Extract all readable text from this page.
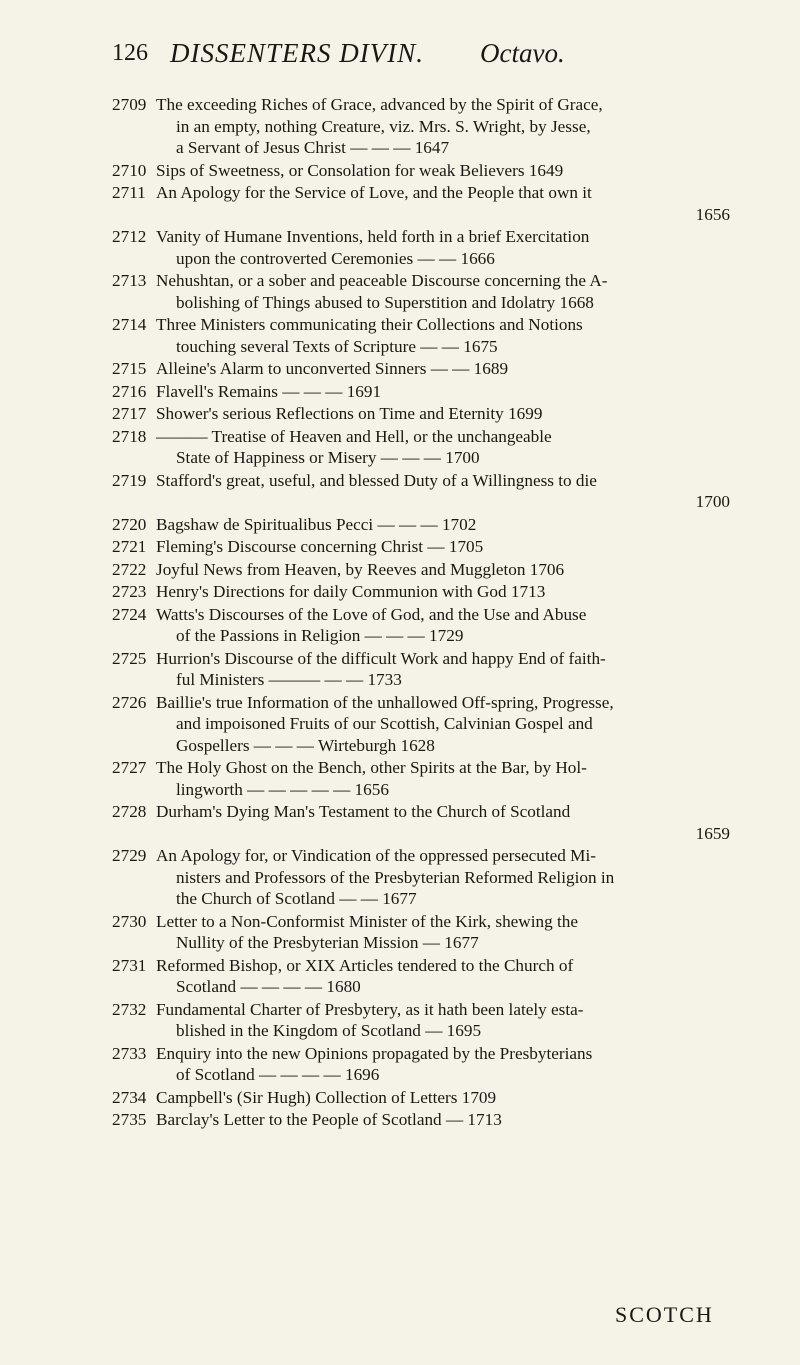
126 DISSENTERS DIVIN. Octavo.
2709 The exceeding Riches of Grace, advanced by the Spirit of Grace,
in an empty, nothing Creature, viz. Mrs. S. Wright, by Jesse,
a Servant of Jesus Christ — — — 1647
2710 Sips of Sweetness, or Consolation for weak Believers 1649
2711 An Apology for the Service of Love, and the People that own it
1656
2712 Vanity of Humane Inventions, held forth in a brief Exercitation
upon the controverted Ceremonies — — 1666
2713 Nehushtan, or a sober and peaceable Discourse concerning the A-
bolishing of Things abused to Superstition and Idolatry 1668
2714 Three Ministers communicating their Collections and Notions
touching several Texts of Scripture — — 1675
2715 Alleine's Alarm to unconverted Sinners — — 1689
2716 Flavell's Remains — — — 1691
2717 Shower's serious Reflections on Time and Eternity 1699
2718 ——— Treatise of Heaven and Hell, or the unchangeable
State of Happiness or Misery — — — 1700
2719 Stafford's great, useful, and blessed Duty of a Willingness to die
1700
2720 Bagshaw de Spiritualibus Pecci — — — 1702
2721 Fleming's Discourse concerning Christ — 1705
2722 Joyful News from Heaven, by Reeves and Muggleton 1706
2723 Henry's Directions for daily Communion with God 1713
2724 Watts's Discourses of the Love of God, and the Use and Abuse
of the Passions in Religion — — — 1729
2725 Hurrion's Discourse of the difficult Work and happy End of faith-
ful Ministers ——— — — 1733
2726 Baillie's true Information of the unhallowed Off-spring, Progresse,
and impoisoned Fruits of our Scottish, Calvinian Gospel and
Gospellers — — — Wirteburgh 1628
2727 The Holy Ghost on the Bench, other Spirits at the Bar, by Hol-
lingworth — — — — — 1656
2728 Durham's Dying Man's Testament to the Church of Scotland
1659
2729 An Apology for, or Vindication of the oppressed persecuted Mi-
nisters and Professors of the Presbyterian Reformed Religion in
the Church of Scotland — — 1677
2730 Letter to a Non-Conformist Minister of the Kirk, shewing the
Nullity of the Presbyterian Mission — 1677
2731 Reformed Bishop, or XIX Articles tendered to the Church of
Scotland — — — — 1680
2732 Fundamental Charter of Presbytery, as it hath been lately esta-
blished in the Kingdom of Scotland — 1695
2733 Enquiry into the new Opinions propagated by the Presbyterians
of Scotland — — — — 1696
2734 Campbell's (Sir Hugh) Collection of Letters 1709
2735 Barclay's Letter to the People of Scotland — 1713
SCOTCH
